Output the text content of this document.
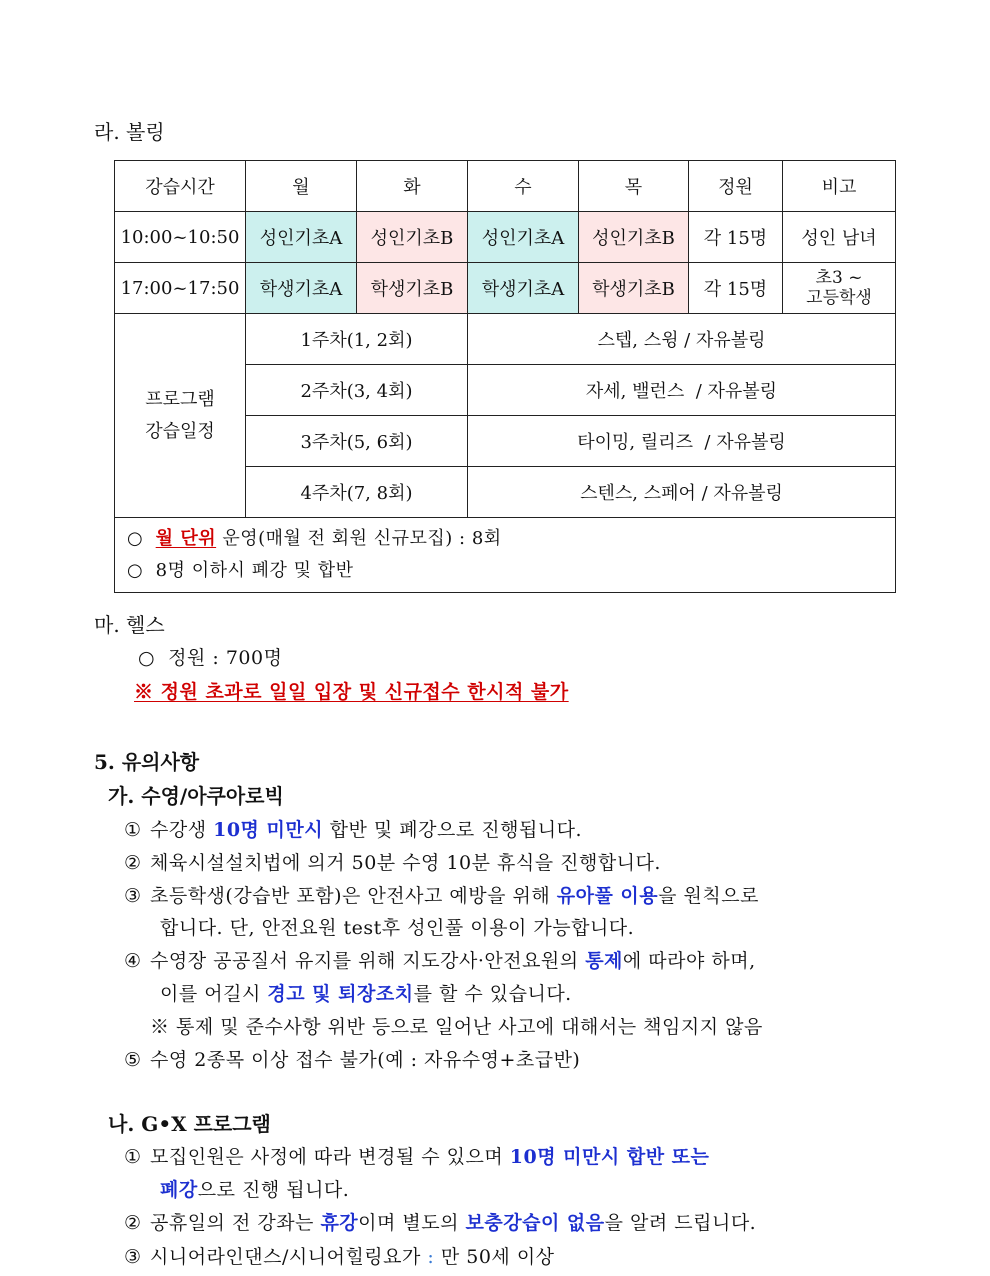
라. 볼링
강습시간	월	화	수	목	정원	비고
10:00~10:50	성인기초A	성인기초B	성인기초A	성인기초B	각 15명	성인 남녀
17:00~17:50	학생기초A	학생기초B	학생기초A	학생기초B	각 15명	초3 ~
고등학생
프로그램
강습일정	1주차(1, 2회)		스텝, 스윙 / 자유볼링			
	2주차(3, 4회)		자세, 밸런스  / 자유볼링			
	3주차(5, 6회)		타이밍, 릴리즈  / 자유볼링			
	4주차(7, 8회)		스텐스, 스페어 / 자유볼링			

○ 월 단위 운영(매월 전 회원 신규모집) : 8회
○  8명 이하시 폐강 및 합반						
마. 헬스
○  정원 : 700명
※ 정원 초과로 일일 입장 및 신규접수 한시적 불가
5. 유의사항
가. 수영/아쿠아로빅
① 수강생 10명 미만시 합반 및 폐강으로 진행됩니다.
② 체육시설설치법에 의거 50분 수영 10분 휴식을 진행합니다.
③ 초등학생(강습반 포함)은 안전사고 예방을 위해 유아풀 이용을 원칙으로
합니다. 단, 안전요원 test후 성인풀 이용이 가능합니다.
④ 수영장 공공질서 유지를 위해 지도강사·안전요원의 통제에 따라야 하며,
이를 어길시 경고 및 퇴장조치를 할 수 있습니다.
※ 통제 및 준수사항 위반 등으로 일어난 사고에 대해서는 책임지지 않음
⑤ 수영 2종목 이상 접수 불가(예 : 자유수영+초급반)
나. G•X 프로그램
① 모집인원은 사정에 따라 변경될 수 있으며 10명 미만시 합반 또는
폐강으로 진행 됩니다.
② 공휴일의 전 강좌는 휴강이며 별도의 보충강습이 없음을 알려 드립니다.
③ 시니어라인댄스/시니어힐링요가 : 만 50세 이상
